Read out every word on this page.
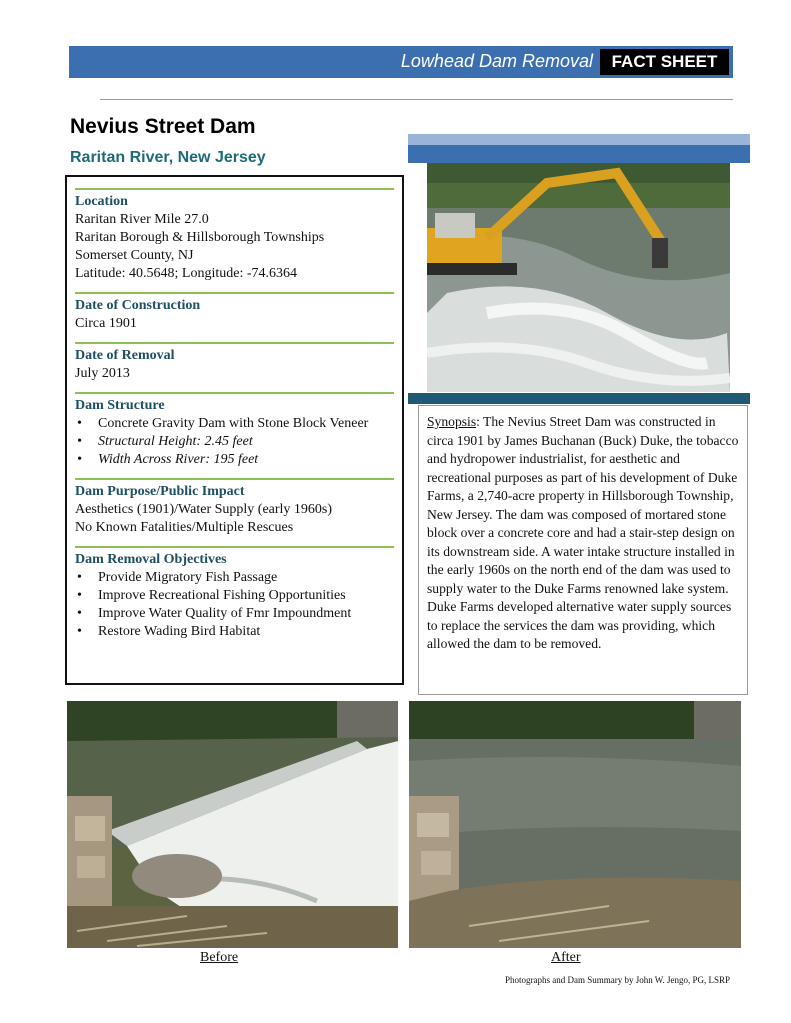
Lowhead Dam Removal	FACT SHEET
Nevius Street Dam
Raritan River, New Jersey
Location
Raritan River Mile 27.0
Raritan Borough & Hillsborough Townships
Somerset County, NJ
Latitude: 40.5648; Longitude: -74.6364
Date of Construction
Circa 1901
Date of Removal
July 2013
Dam Structure
• Concrete Gravity Dam with Stone Block Veneer
• Structural Height: 2.45 feet
• Width Across River: 195 feet
Dam Purpose/Public Impact
Aesthetics (1901)/Water Supply (early 1960s)
No Known Fatalities/Multiple Rescues
Dam Removal Objectives
• Provide Migratory Fish Passage
• Improve Recreational Fishing Opportunities
• Improve Water Quality of Fmr Impoundment
• Restore Wading Bird Habitat
Synopsis: The Nevius Street Dam was constructed in circa 1901 by James Buchanan (Buck) Duke, the tobacco and hydropower industrialist, for aesthetic and recreational purposes as part of his development of Duke Farms, a 2,740-acre property in Hillsborough Township, New Jersey. The dam was composed of mortared stone block over a concrete core and had a stair-step design on its downstream side. A water intake structure installed in the early 1960s on the north end of the dam was used to supply water to the Duke Farms renowned lake system. Duke Farms developed alternative water supply sources to replace the services the dam was providing, which allowed the dam to be removed.
Before	After
Photographs and Dam Summary by John W. Jengo, PG, LSRP
